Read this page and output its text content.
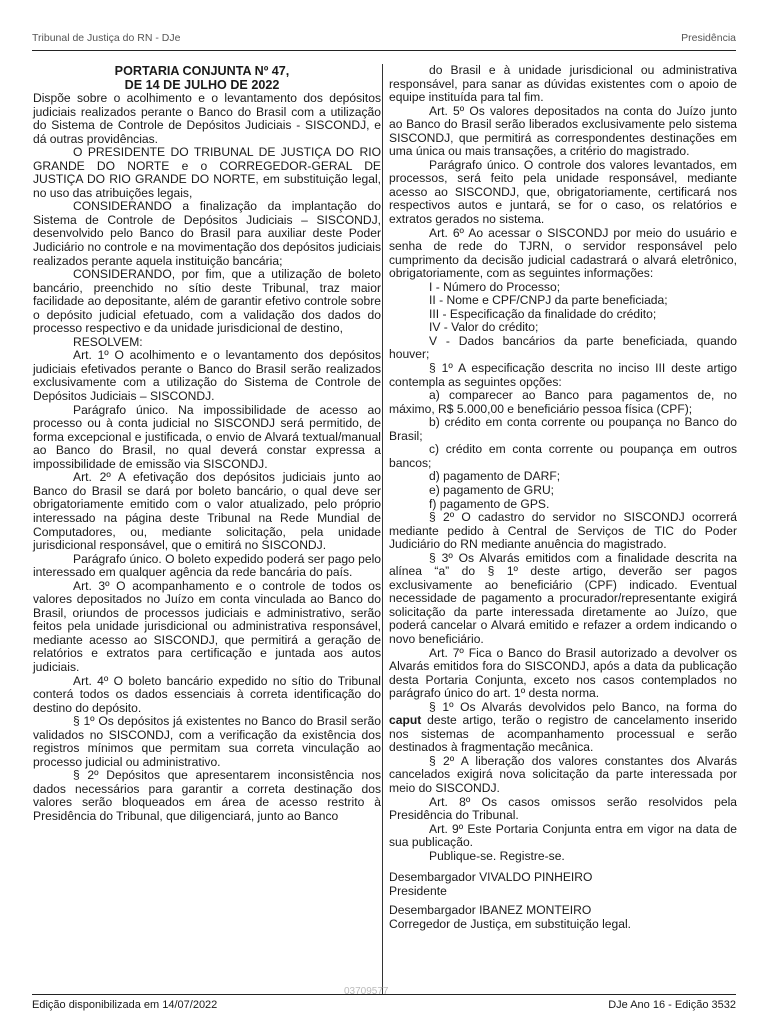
Tribunal de Justiça do RN - DJe	Presidência
PORTARIA CONJUNTA Nº 47,
DE 14 DE JULHO DE 2022

Dispõe sobre o acolhimento e o levantamento dos depósitos judiciais realizados perante o Banco do Brasil com a utilização do Sistema de Controle de Depósitos Judiciais - SISCONDJ, e dá outras providências.

O PRESIDENTE DO TRIBUNAL DE JUSTIÇA DO RIO GRANDE DO NORTE e o CORREGEDOR-GERAL DE JUSTIÇA DO RIO GRANDE DO NORTE, em substituição legal, no uso das atribuições legais,

CONSIDERANDO a finalização da implantação do Sistema de Controle de Depósitos Judiciais – SISCONDJ, desenvolvido pelo Banco do Brasil para auxiliar deste Poder Judiciário no controle e na movimentação dos depósitos judiciais realizados perante aquela instituição bancária;

CONSIDERANDO, por fim, que a utilização de boleto bancário, preenchido no sítio deste Tribunal, traz maior facilidade ao depositante, além de garantir efetivo controle sobre o depósito judicial efetuado, com a validação dos dados do processo respectivo e da unidade jurisdicional de destino,

RESOLVEM:

Art. 1º O acolhimento e o levantamento dos depósitos judiciais efetivados perante o Banco do Brasil serão realizados exclusivamente com a utilização do Sistema de Controle de Depósitos Judiciais – SISCONDJ.

Parágrafo único. Na impossibilidade de acesso ao processo ou à conta judicial no SISCONDJ será permitido, de forma excepcional e justificada, o envio de Alvará textual/manual ao Banco do Brasil, no qual deverá constar expressa a impossibilidade de emissão via SISCONDJ.

Art. 2º A efetivação dos depósitos judiciais junto ao Banco do Brasil se dará por boleto bancário, o qual deve ser obrigatoriamente emitido com o valor atualizado, pelo próprio interessado na página deste Tribunal na Rede Mundial de Computadores, ou, mediante solicitação, pela unidade jurisdicional responsável, que o emitirá no SISCONDJ.

Parágrafo único. O boleto expedido poderá ser pago pelo interessado em qualquer agência da rede bancária do país.

Art. 3º O acompanhamento e o controle de todos os valores depositados no Juízo em conta vinculada ao Banco do Brasil, oriundos de processos judiciais e administrativo, serão feitos pela unidade jurisdicional ou administrativa responsável, mediante acesso ao SISCONDJ, que permitirá a geração de relatórios e extratos para certificação e juntada aos autos judiciais.

Art. 4º O boleto bancário expedido no sítio do Tribunal conterá todos os dados essenciais à correta identificação do destino do depósito.

§ 1º Os depósitos já existentes no Banco do Brasil serão validados no SISCONDJ, com a verificação da existência dos registros mínimos que permitam sua correta vinculação ao processo judicial ou administrativo.

§ 2º Depósitos que apresentarem inconsistência nos dados necessários para garantir a correta destinação dos valores serão bloqueados em área de acesso restrito à Presidência do Tribunal, que diligenciará, junto ao Banco

do Brasil e à unidade jurisdicional ou administrativa responsável, para sanar as dúvidas existentes com o apoio de equipe instituída para tal fim.

Art. 5º Os valores depositados na conta do Juízo junto ao Banco do Brasil serão liberados exclusivamente pelo sistema SISCONDJ, que permitirá as correspondentes destinações em uma única ou mais transações, a critério do magistrado.

Parágrafo único. O controle dos valores levantados, em processos, será feito pela unidade responsável, mediante acesso ao SISCONDJ, que, obrigatoriamente, certificará nos respectivos autos e juntará, se for o caso, os relatórios e extratos gerados no sistema.

Art. 6º Ao acessar o SISCONDJ por meio do usuário e senha de rede do TJRN, o servidor responsável pelo cumprimento da decisão judicial cadastrará o alvará eletrônico, obrigatoriamente, com as seguintes informações:

I - Número do Processo;

II - Nome e CPF/CNPJ da parte beneficiada;

III - Especificação da finalidade do crédito;

IV - Valor do crédito;

V - Dados bancários da parte beneficiada, quando houver;

§ 1º A especificação descrita no inciso III deste artigo contempla as seguintes opções:

a) comparecer ao Banco para pagamentos de, no máximo, R$ 5.000,00 e beneficiário pessoa física (CPF);

b) crédito em conta corrente ou poupança no Banco do Brasil;

c) crédito em conta corrente ou poupança em outros bancos;

d) pagamento de DARF;

e) pagamento de GRU;

f) pagamento de GPS.

§ 2º O cadastro do servidor no SISCONDJ ocorrerá mediante pedido à Central de Serviços de TIC do Poder Judiciário do RN mediante anuência do magistrado.

§ 3º Os Alvarás emitidos com a finalidade descrita na alínea “a” do § 1º deste artigo, deverão ser pagos exclusivamente ao beneficiário (CPF) indicado. Eventual necessidade de pagamento a procurador/representante exigirá solicitação da parte interessada diretamente ao Juízo, que poderá cancelar o Alvará emitido e refazer a ordem indicando o novo beneficiário.

Art. 7º Fica o Banco do Brasil autorizado a devolver os Alvarás emitidos fora do SISCONDJ, após a data da publicação desta Portaria Conjunta, exceto nos casos contemplados no parágrafo único do art. 1º desta norma.

§ 1º Os Alvarás devolvidos pelo Banco, na forma do caput deste artigo, terão o registro de cancelamento inserido nos sistemas de acompanhamento processual e serão destinados à fragmentação mecânica.

§ 2º A liberação dos valores constantes dos Alvarás cancelados exigirá nova solicitação da parte interessada por meio do SISCONDJ.

Art. 8º Os casos omissos serão resolvidos pela Presidência do Tribunal.

Art. 9º Este Portaria Conjunta entra em vigor na data de sua publicação.

Publique-se. Registre-se.

Desembargador VIVALDO PINHEIRO

Presidente

Desembargador IBANEZ MONTEIRO

Corregedor de Justiça, em substituição legal.

03709577
Edição disponibilizada em 14/07/2022	DJe Ano 16 - Edição 3532
